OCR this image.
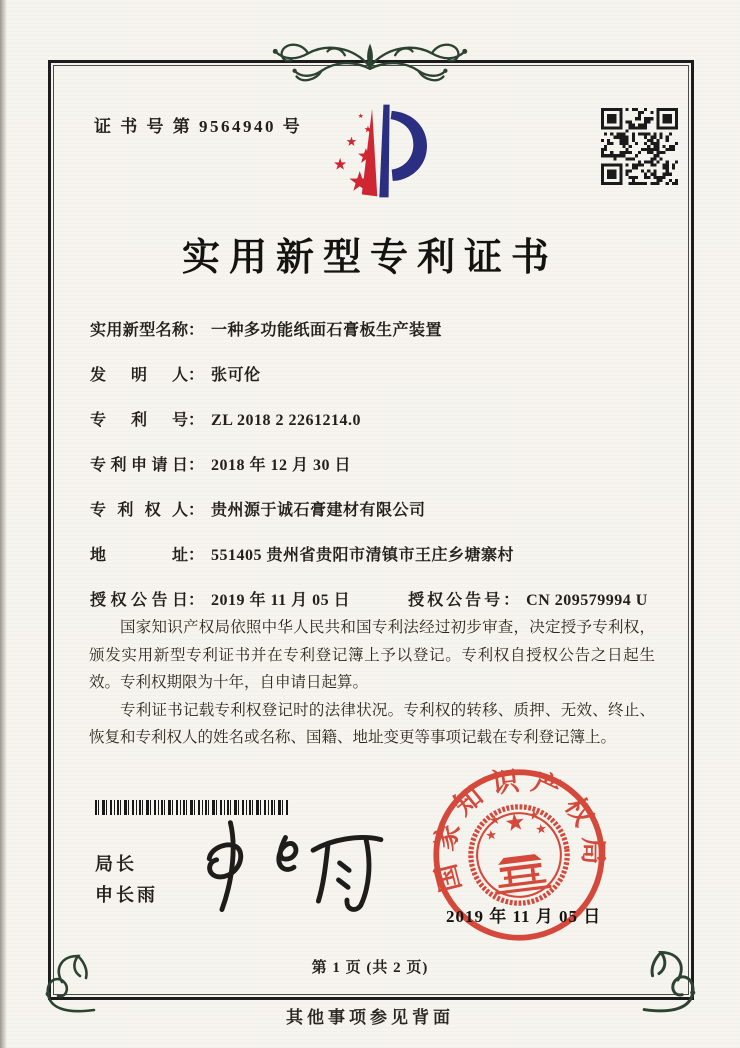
证 书 号 第 9564940 号
实用新型专利证书
实用新型名称： 一种多功能纸面石膏板生产装置
发明人： 张可伦
专利号： ZL 2018 2 2261214.0
专利申请日： 2018 年 12 月 30 日
专利权人： 贵州源于诚石膏建材有限公司
地址： 551405 贵州省贵阳市清镇市王庄乡塘寨村
授权公告日： 2019 年 11 月 05 日	授权公告号： CN 209579994 U

国家知识产权局依照中华人民共和国专利法经过初步审查，决定授予专利权，颁发实用新型专利证书并在专利登记簿上予以登记。专利权自授权公告之日起生效。专利权期限为十年，自申请日起算。

专利证书记载专利权登记时的法律状况。专利权的转移、质押、无效、终止、恢复和专利权人的姓名或名称、国籍、地址变更等事项记载在专利登记簿上。

局长
申长雨
国家知识产权局
2019 年 11 月 05 日
第 1 页 (共 2 页)
其他事项参见背面
